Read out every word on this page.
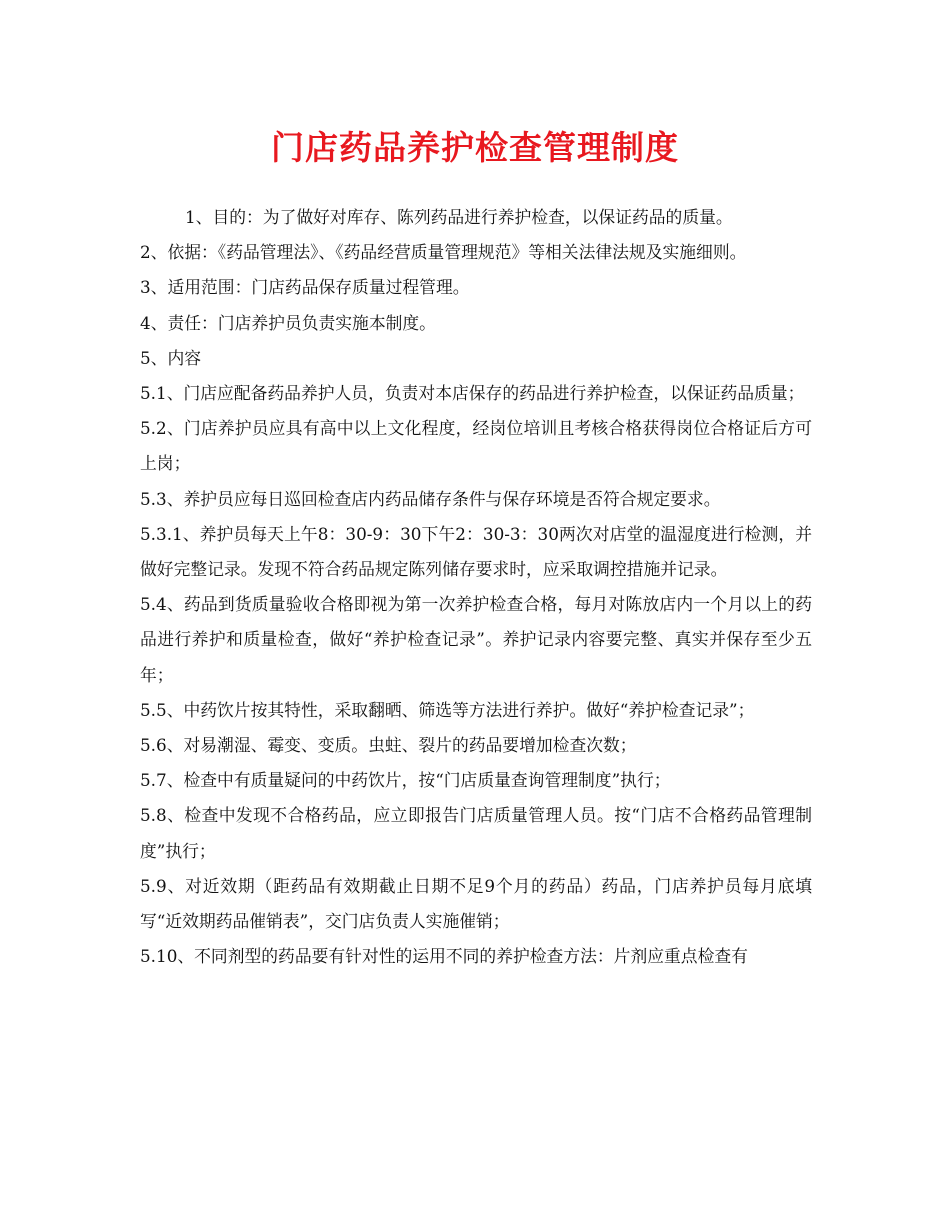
门店药品养护检查管理制度

1、目的：为了做好对库存、陈列药品进行养护检查，以保证药品的质量。

2、依据：《药品管理法》、《药品经营质量管理规范》等相关法律法规及实施细则。

3、适用范围：门店药品保存质量过程管理。

4、责任：门店养护员负责实施本制度。

5、内容

5.1、门店应配备药品养护人员，负责对本店保存的药品进行养护检查，以保证药品质量；

5.2、门店养护员应具有高中以上文化程度，经岗位培训且考核合格获得岗位合格证后方可上岗；

5.3、养护员应每日巡回检查店内药品储存条件与保存环境是否符合规定要求。

5.3.1、养护员每天上午8：30-9：30下午2：30-3：30两次对店堂的温湿度进行检测，并做好完整记录。发现不符合药品规定陈列储存要求时，应采取调控措施并记录。

5.4、药品到货质量验收合格即视为第一次养护检查合格，每月对陈放店内一个月以上的药品进行养护和质量检查，做好“养护检查记录”。养护记录内容要完整、真实并保存至少五年；

5.5、中药饮片按其特性，采取翻晒、筛选等方法进行养护。做好“养护检查记录”；

5.6、对易潮湿、霉变、变质。虫蛀、裂片的药品要增加检查次数；

5.7、检查中有质量疑问的中药饮片，按“门店质量查询管理制度”执行；

5.8、检查中发现不合格药品，应立即报告门店质量管理人员。按“门店不合格药品管理制度”执行；

5.9、对近效期（距药品有效期截止日期不足9个月的药品）药品，门店养护员每月底填写“近效期药品催销表”，交门店负责人实施催销；

5.10、不同剂型的药品要有针对性的运用不同的养护检查方法：片剂应重点检查有
